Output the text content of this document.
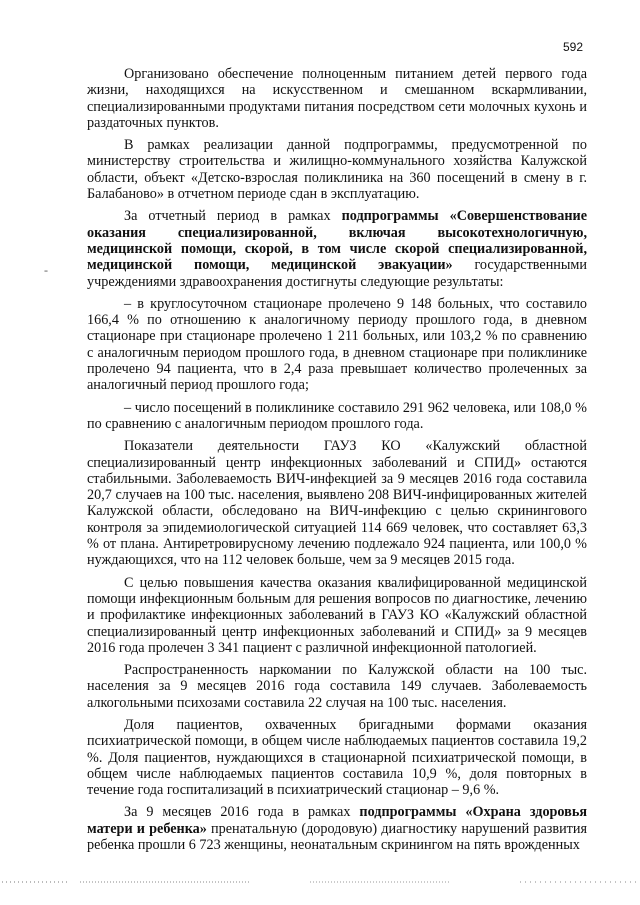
592
-

Организовано обеспечение полноценным питанием детей первого года жизни, находящихся на искусственном и смешанном вскармливании, специализированными продуктами питания посредством сети молочных кухонь и раздаточных пунктов.

В рамках реализации данной подпрограммы, предусмотренной по министерству строительства и жилищно-коммунального хозяйства Калужской области, объект «Детско-взрослая поликлиника на 360 посещений в смену в г. Балабаново» в отчетном периоде сдан в эксплуатацию.

За отчетный период в рамках подпрограммы «Совершенствование оказания специализированной, включая высокотехнологичную, медицинской помощи, скорой, в том числе скорой специализированной, медицинской помощи, медицинской эвакуации» государственными учреждениями здравоохранения достигнуты следующие результаты:

– в круглосуточном стационаре пролечено 9 148 больных, что составило 166,4 % по отношению к аналогичному периоду прошлого года, в дневном стационаре при стационаре пролечено 1 211 больных, или 103,2 % по сравнению с аналогичным периодом прошлого года, в дневном стационаре при поликлинике пролечено 94 пациента, что в 2,4 раза превышает количество пролеченных за аналогичный период прошлого года;

– число посещений в поликлинике составило 291 962 человека, или 108,0 % по сравнению с аналогичным периодом прошлого года.

Показатели деятельности ГАУЗ КО «Калужский областной специализированный центр инфекционных заболеваний и СПИД» остаются стабильными. Заболеваемость ВИЧ-инфекцией за 9 месяцев 2016 года составила 20,7 случаев на 100 тыс. населения, выявлено 208 ВИЧ-инфицированных жителей Калужской области, обследовано на ВИЧ-инфекцию с целью скринингового контроля за эпидемиологической ситуацией 114 669 человек, что составляет 63,3 % от плана. Антиретровирусному лечению подлежало 924 пациента, или 100,0 % нуждающихся, что на 112 человек больше, чем за 9 месяцев 2015 года.

С целью повышения качества оказания квалифицированной медицинской помощи инфекционным больным для решения вопросов по диагностике, лечению и профилактике инфекционных заболеваний в ГАУЗ КО «Калужский областной специализированный центр инфекционных заболеваний и СПИД» за 9 месяцев 2016 года пролечен 3 341 пациент с различной инфекционной патологией.

Распространенность наркомании по Калужской области на 100 тыс. населения за 9 месяцев 2016 года составила 149 случаев. Заболеваемость алкогольными психозами составила 22 случая на 100 тыс. населения.

Доля пациентов, охваченных бригадными формами оказания психиатрической помощи, в общем числе наблюдаемых пациентов составила 19,2 %. Доля пациентов, нуждающихся в стационарной психиатрической помощи, в общем числе наблюдаемых пациентов составила 10,9 %, доля повторных в течение года госпитализаций в психиатрический стационар – 9,6 %.

За 9 месяцев 2016 года в рамках подпрограммы «Охрана здоровья матери и ребенка» пренатальную (дородовую) диагностику нарушений развития ребенка прошли 6 723 женщины, неонатальным скринингом на пять врожденных
